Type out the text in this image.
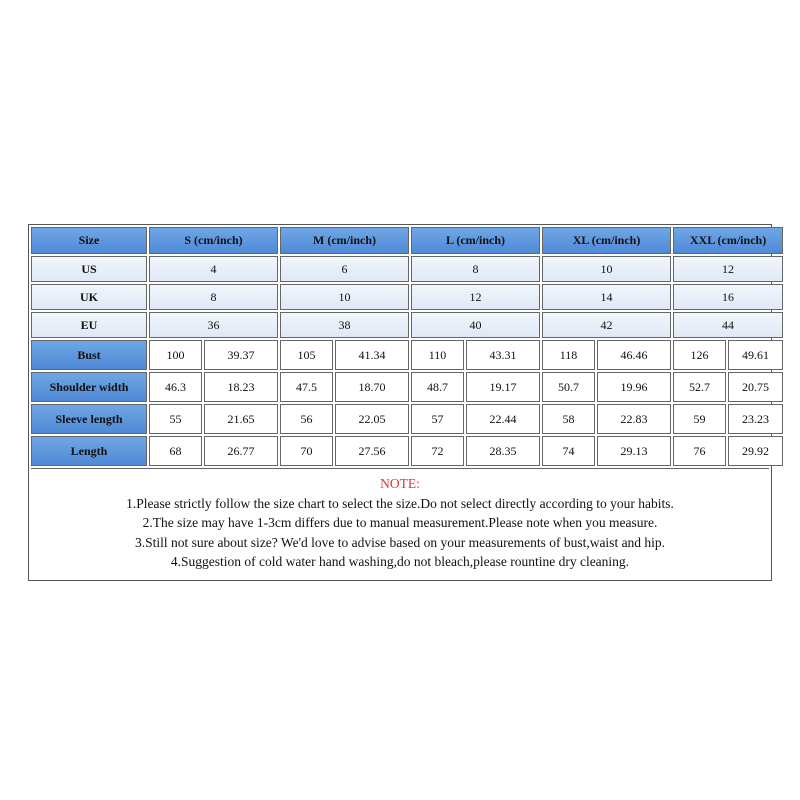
Size	S (cm/inch)		M (cm/inch)		L (cm/inch)		XL (cm/inch)		XXL (cm/inch)	
US	4		6		8		10		12	
UK	8		10		12		14		16	
EU	36		38		40		42		44	
Bust	100	39.37	105	41.34	110	43.31	118	46.46	126	49.61
Shoulder width	46.3	18.23	47.5	18.70	48.7	19.17	50.7	19.96	52.7	20.75
Sleeve length	55	21.65	56	22.05	57	22.44	58	22.83	59	23.23
Length	68	26.77	70	27.56	72	28.35	74	29.13	76	29.92
NOTE:
1.Please strictly follow the size chart to select the size.Do not select directly according to your habits.
2.The size may have 1-3cm differs due to manual measurement.Please note when you measure.
3.Still not sure about size? We'd love to advise based on your measurements of bust,waist and hip.
4.Suggestion of cold water hand washing,do not bleach,please rountine dry cleaning.
